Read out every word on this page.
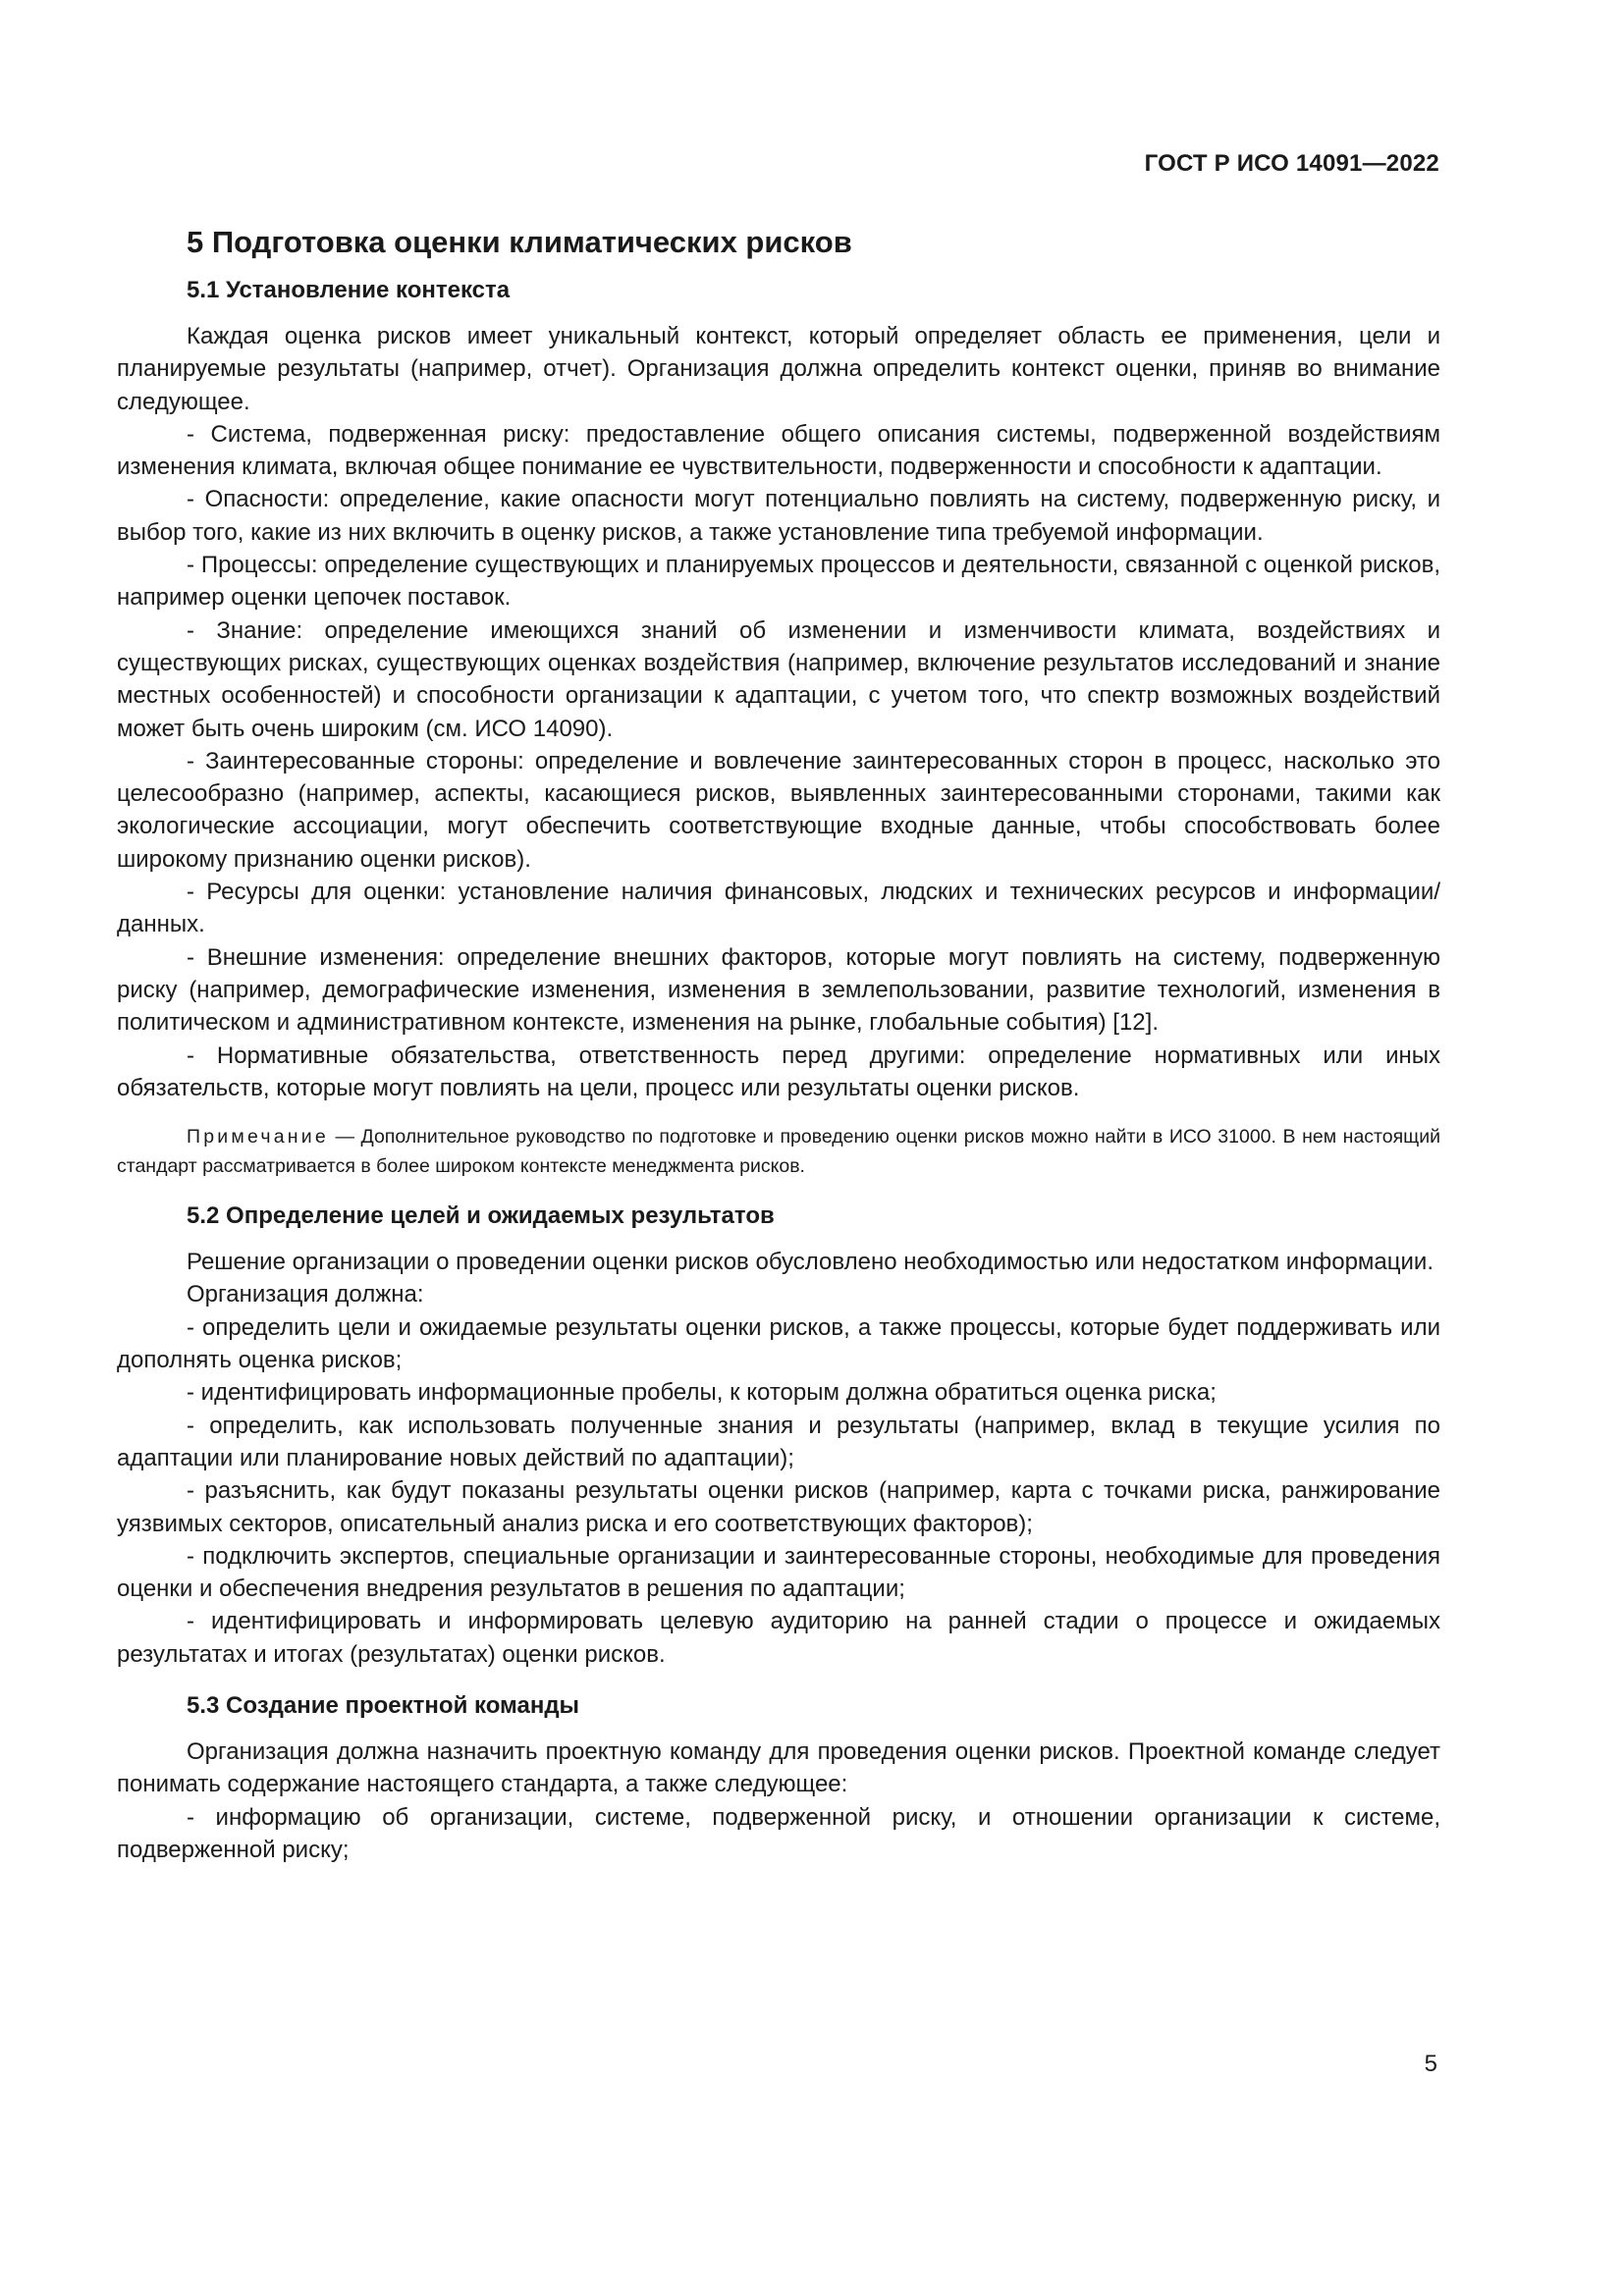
ГОСТ Р ИСО 14091—2022
5 Подготовка оценки климатических рисков
5.1 Установление контекста

Каждая оценка рисков имеет уникальный контекст, который определяет область ее применения, цели и планируемые результаты (например, отчет). Организация должна определить контекст оценки, приняв во внимание следующее.

- Система, подверженная риску: предоставление общего описания системы, подверженной воздействиям изменения климата, включая общее понимание ее чувствительности, подверженности и способности к адаптации.

- Опасности: определение, какие опасности могут потенциально повлиять на систему, подверженную риску, и выбор того, какие из них включить в оценку рисков, а также установление типа требуемой информации.

- Процессы: определение существующих и планируемых процессов и деятельности, связанной с оценкой рисков, например оценки цепочек поставок.

- Знание: определение имеющихся знаний об изменении и изменчивости климата, воздействиях и существующих рисках, существующих оценках воздействия (например, включение результатов исследований и знание местных особенностей) и способности организации к адаптации, с учетом того, что спектр возможных воздействий может быть очень широким (см. ИСО 14090).

- Заинтересованные стороны: определение и вовлечение заинтересованных сторон в процесс, насколько это целесообразно (например, аспекты, касающиеся рисков, выявленных заинтересованными сторонами, такими как экологические ассоциации, могут обеспечить соответствующие входные данные, чтобы способствовать более широкому признанию оценки рисков).

- Ресурсы для оценки: установление наличия финансовых, людских и технических ресурсов и информации/данных.

- Внешние изменения: определение внешних факторов, которые могут повлиять на систему, подверженную риску (например, демографические изменения, изменения в землепользовании, развитие технологий, изменения в политическом и административном контексте, изменения на рынке, глобальные события) [12].

- Нормативные обязательства, ответственность перед другими: определение нормативных или иных обязательств, которые могут повлиять на цели, процесс или результаты оценки рисков.

Примечание — Дополнительное руководство по подготовке и проведению оценки рисков можно найти в ИСО 31000. В нем настоящий стандарт рассматривается в более широком контексте менеджмента рисков.

5.2 Определение целей и ожидаемых результатов

Решение организации о проведении оценки рисков обусловлено необходимостью или недостатком информации.

Организация должна:

- определить цели и ожидаемые результаты оценки рисков, а также процессы, которые будет поддерживать или дополнять оценка рисков;

- идентифицировать информационные пробелы, к которым должна обратиться оценка риска;

- определить, как использовать полученные знания и результаты (например, вклад в текущие усилия по адаптации или планирование новых действий по адаптации);

- разъяснить, как будут показаны результаты оценки рисков (например, карта с точками риска, ранжирование уязвимых секторов, описательный анализ риска и его соответствующих факторов);

- подключить экспертов, специальные организации и заинтересованные стороны, необходимые для проведения оценки и обеспечения внедрения результатов в решения по адаптации;

- идентифицировать и информировать целевую аудиторию на ранней стадии о процессе и ожидаемых результатах и итогах (результатах) оценки рисков.

5.3 Создание проектной команды

Организация должна назначить проектную команду для проведения оценки рисков. Проектной команде следует понимать содержание настоящего стандарта, а также следующее:

- информацию об организации, системе, подверженной риску, и отношении организации к системе, подверженной риску;

5
